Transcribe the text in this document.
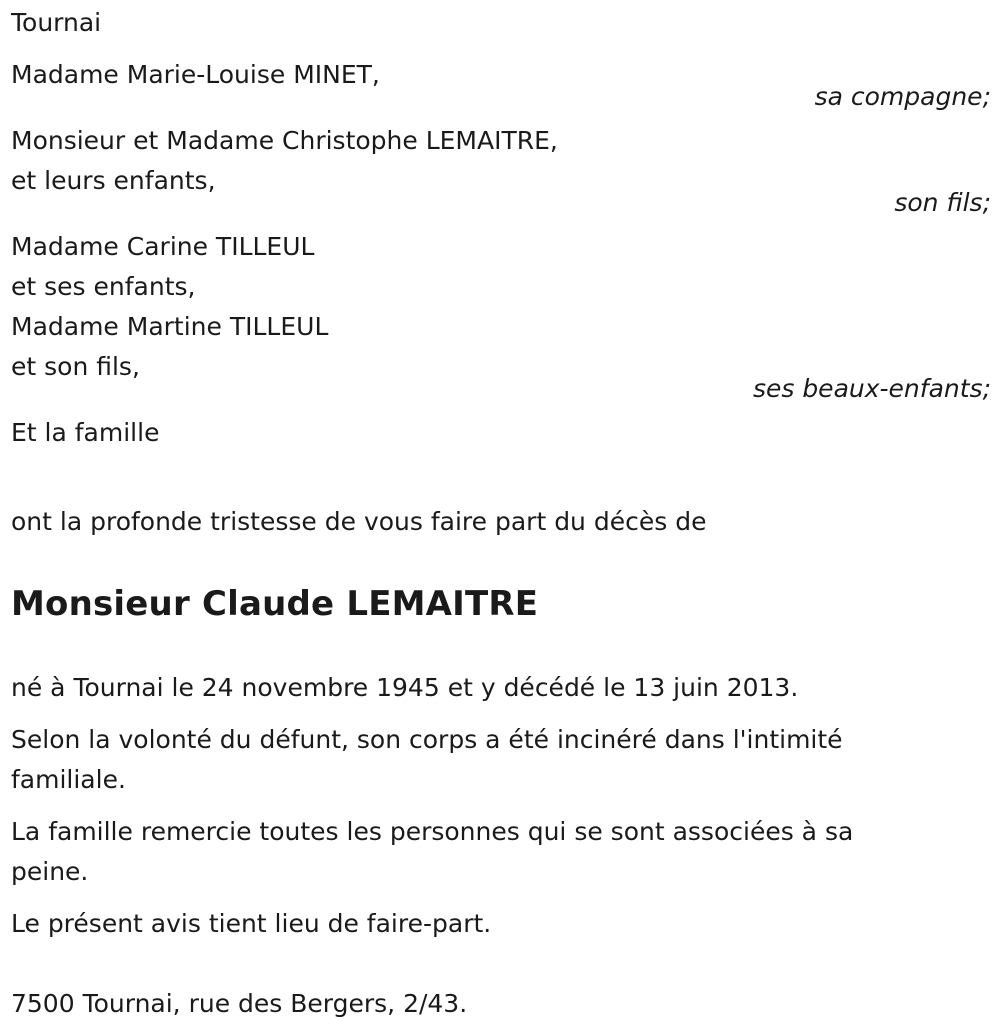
Tournai
Madame Marie-Louise MINET,
sa compagne;
Monsieur et Madame Christophe LEMAITRE,
et leurs enfants,
son fils;
Madame Carine TILLEUL
et ses enfants,
Madame Martine TILLEUL
et son fils,
ses beaux-enfants;
Et la famille
ont la profonde tristesse de vous faire part du décès de
Monsieur Claude LEMAITRE
né à Tournai le 24 novembre 1945 et y décédé le 13 juin 2013.
Selon la volonté du défunt, son corps a été incinéré dans l'intimité familiale.
La famille remercie toutes les personnes qui se sont associées à sa peine.
Le présent avis tient lieu de faire-part.
7500 Tournai, rue des Bergers, 2/43.
